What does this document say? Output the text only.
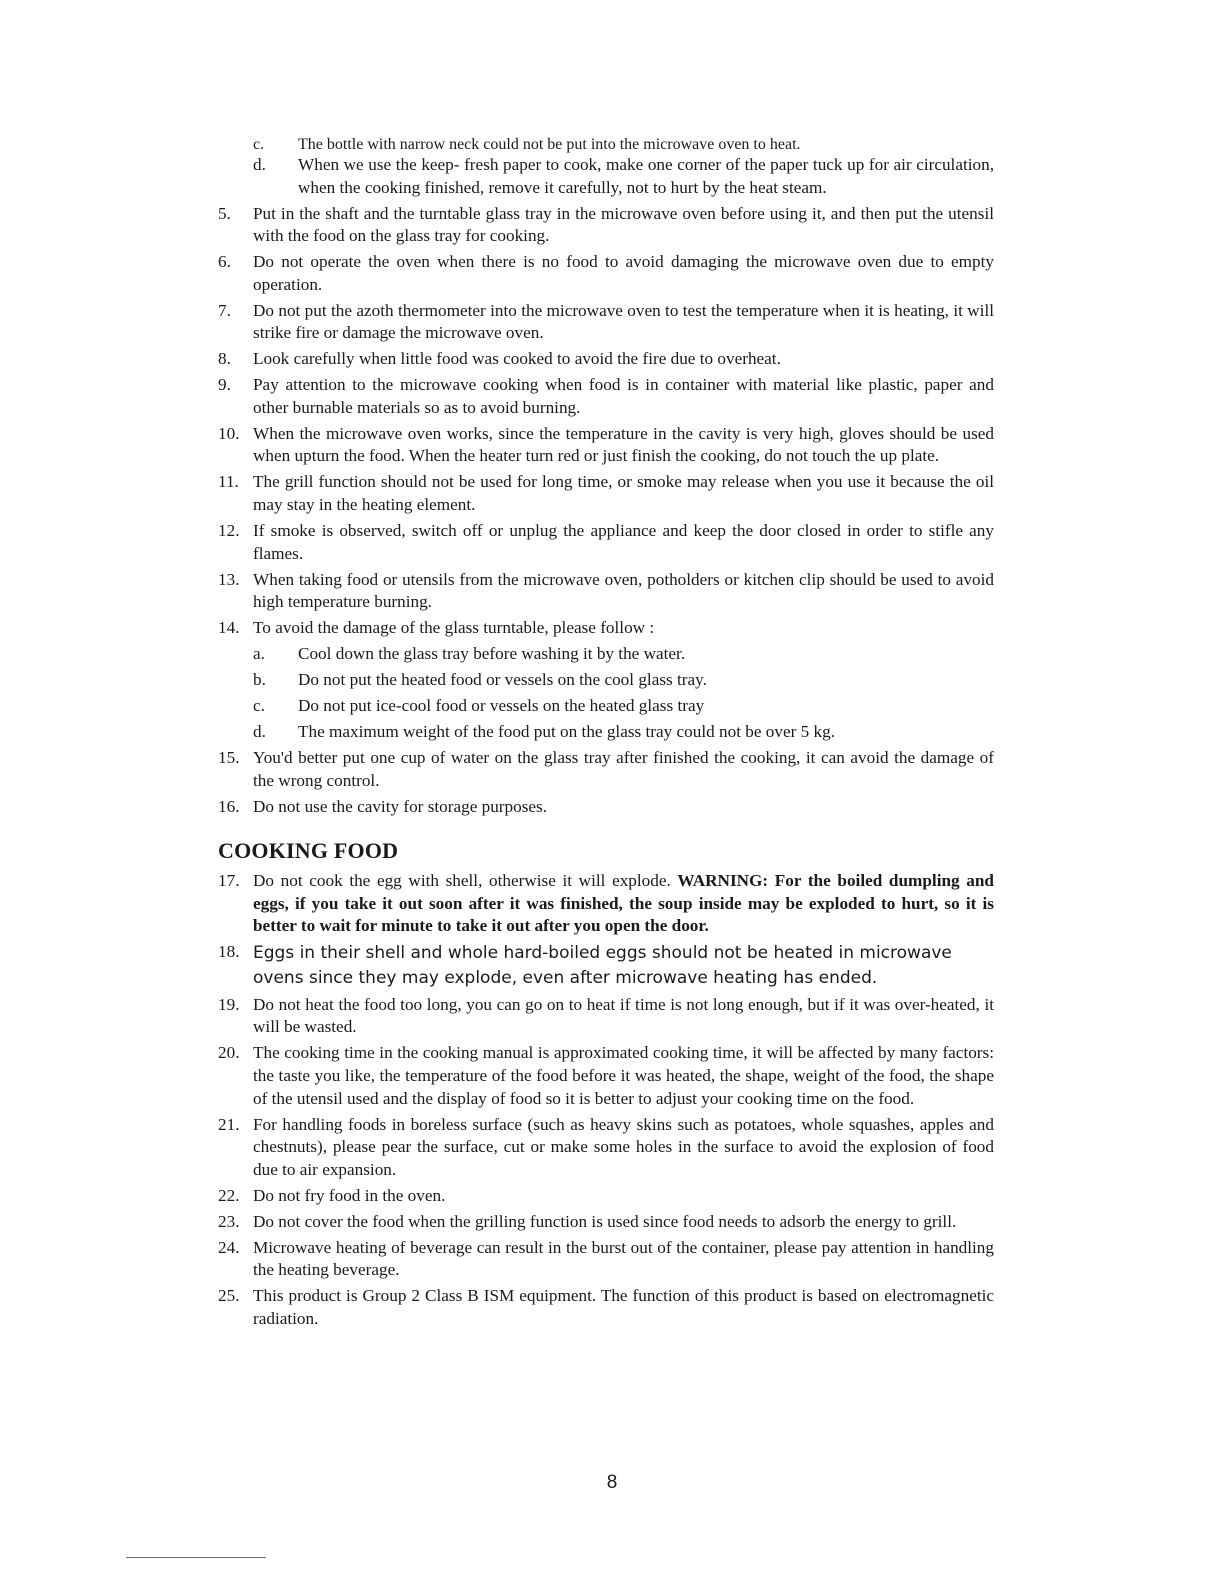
c.	The bottle with narrow neck could not be put into the microwave oven to heat.
d.	When we use the keep- fresh paper to cook, make one corner of the paper tuck up for air circulation, when the cooking finished, remove it carefully, not to hurt by the heat steam.
5.	Put in the shaft and the turntable glass tray in the microwave oven before using it, and then put the utensil with the food on the glass tray for cooking.
6.	Do not operate the oven when there is no food to avoid damaging the microwave oven due to empty operation.
7.	Do not put the azoth thermometer into the microwave oven to test the temperature when it is heating, it will strike fire or damage the microwave oven.
8.	Look carefully when little food was cooked to avoid the fire due to overheat.
9.	Pay attention to the microwave cooking when food is in container with material like plastic, paper and other burnable materials so as to avoid burning.
10. When the microwave oven works, since the temperature in the cavity is very high, gloves should be used when upturn the food. When the heater turn red or just finish the cooking, do not touch the up plate.
11. The grill function should not be used for long time, or smoke may release when you use it because the oil may stay in the heating element.
12. If smoke is observed, switch off or unplug the appliance and keep the door closed in order to stifle any flames.
13. When taking food or utensils from the microwave oven, potholders or kitchen clip should be used to avoid high temperature burning.
14. To avoid the damage of the glass turntable, please follow :
a.	Cool down the glass tray before washing it by the water.
b.	Do not put the heated food or vessels on the cool glass tray.
c.	Do not put ice-cool food or vessels on the heated glass tray
d.	The maximum weight of the food put on the glass tray could not be over 5 kg.
15. You'd better put one cup of water on the glass tray after finished the cooking, it can avoid the damage of the wrong control.
16. Do not use the cavity for storage purposes.
COOKING FOOD
17. Do not cook the egg with shell, otherwise it will explode. WARNING: For the boiled dumpling and eggs, if you take it out soon after it was finished, the soup inside may be exploded to hurt, so it is better to wait for minute to take it out after you open the door.
18. Eggs in their shell and whole hard-boiled eggs should not be heated in microwave ovens since they may explode, even after microwave heating has ended.
19. Do not heat the food too long, you can go on to heat if time is not long enough, but if it was over-heated, it will be wasted.
20. The cooking time in the cooking manual is approximated cooking time, it will be affected by many factors: the taste you like, the temperature of the food before it was heated, the shape, weight of the food, the shape of the utensil used and the display of food so it is better to adjust your cooking time on the food.
21. For handling foods in boreless surface (such as heavy skins such as potatoes, whole squashes, apples and chestnuts), please pear the surface, cut or make some holes in the surface to avoid the explosion of food due to air expansion.
22. Do not fry food in the oven.
23. Do not cover the food when the grilling function is used since food needs to adsorb the energy to grill.
24. Microwave heating of beverage can result in the burst out of the container, please pay attention in handling the heating beverage.
25. This product is Group 2 Class B ISM equipment. The function of this product is based on electromagnetic radiation.
8
